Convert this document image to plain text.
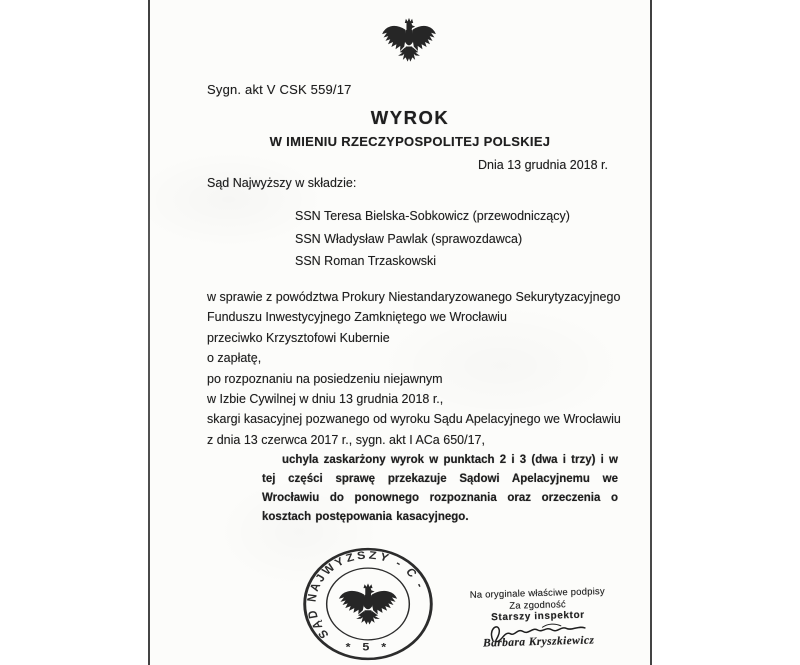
Sygn. akt V CSK 559/17
WYROK
W IMIENIU RZECZYPOSPOLITEJ POLSKIEJ
Dnia 13 grudnia 2018 r.
Sąd Najwyższy w składzie:
SSN Teresa Bielska-Sobkowicz (przewodniczący)
SSN Władysław Pawlak (sprawozdawca)
SSN Roman Trzaskowski
w sprawie z powództwa Prokury Niestandaryzowanego Sekurytyzacyjnego
Funduszu Inwestycyjnego Zamkniętego we Wrocławiu
przeciwko Krzysztofowi Kubernie
o zapłatę,
po rozpoznaniu na posiedzeniu niejawnym
w Izbie Cywilnej w dniu 13 grudnia 2018 r.,
skargi kasacyjnej pozwanego od wyroku Sądu Apelacyjnego we Wrocławiu
z dnia 13 czerwca 2017 r., sygn. akt I ACa 650/17,
uchyla zaskarżony wyrok w punktach 2 i 3 (dwa i trzy) i w tej części sprawę przekazuje Sądowi Apelacyjnemu we Wrocławiu do ponownego rozpoznania oraz orzeczenia o kosztach postępowania kasacyjnego.
SĄD NAJWYŻSZY - C -
* 5 *
Na oryginale właściwe podpisy
Za zgodność
Starszy inspektor
Barbara Kryszkiewicz
